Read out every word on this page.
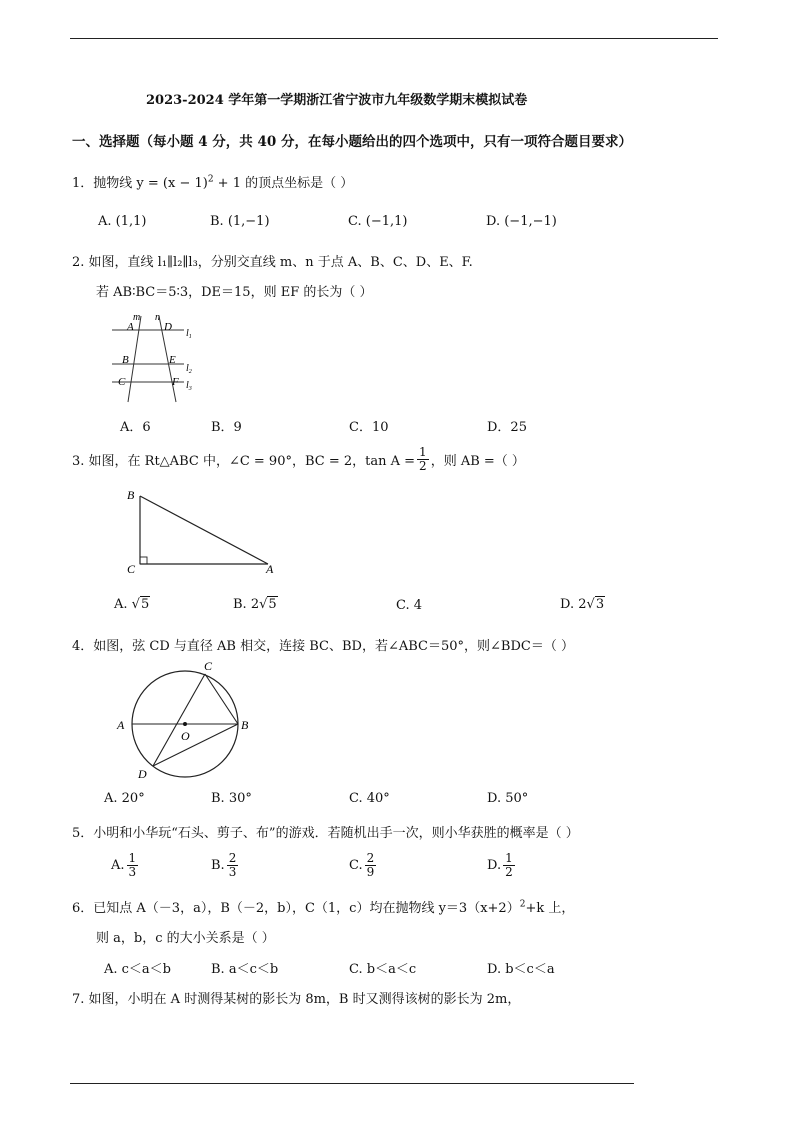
2023-2024 学年第一学期浙江省宁波市九年级数学期末模拟试卷
一、选择题（每小题 4 分，共 40 分，在每小题给出的四个选项中，只有一项符合题目要求）
1．抛物线 $y = (x - 1)^2 + 1$ 的顶点坐标是（ ）
A. (1,1)	B. (1,−1)	C. (−1,1)	D. (−1,−1)
2. 如图，直线 l₁∥l₂∥l₃，分别交直线 m、n 于点 A、B、C、D、E、F.
若 AB∶BC＝5∶3，DE＝15，则 EF 的长为（ ）
m n
A	D
B	E
C	F
$l_1$
$l_2$
$l_3$
A．6	B．9	C．10	D．25
3. 如图，在 Rt△ABC 中，∠C = 90°，BC = 2，$\tan A = \frac{1}{2}$ ，则 AB =（ ）
B
C	A
A. √5	B. 2√5	C. 4	D. 2√3
4．如图，弦 CD 与直径 AB 相交，连接 BC、BD，若∠ABC＝50°，则∠BDC＝（ ）
A	B
C
D
O
A. 20°	B. 30°	C. 40°	D. 50°
5．小明和小华玩“石头、剪子、布”的游戏．若随机出手一次，则小华获胜的概率是（ ）
A. $\frac{1}{3}$	B. $\frac{2}{3}$	C. $\frac{2}{9}$	D. $\frac{1}{2}$
6．已知点 A（－3，a），B（－2，b），C（1，c）均在抛物线 $y=3(x+2)^2+k$ 上，
则 a，b，c 的大小关系是（ ）
A. c＜a＜b	B. a＜c＜b	C. b＜a＜c	D. b＜c＜a
7. 如图，小明在 A 时测得某树的影长为 8m，B 时又测得该树的影长为 2m，
